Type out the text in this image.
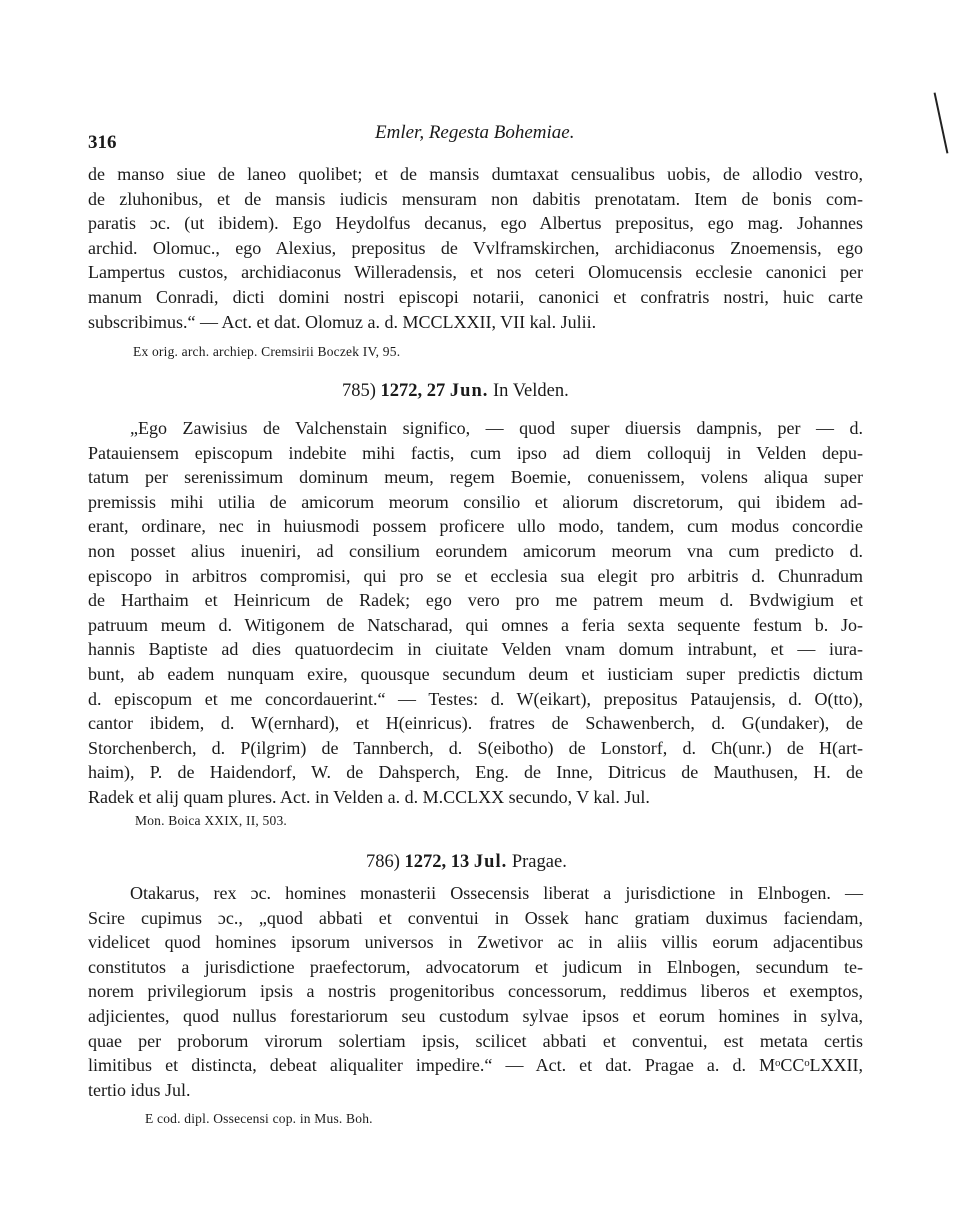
316	Emler, Regesta Bohemiae.
de manso siue de laneo quolibet; et de mansis dumtaxat censualibus uobis, de allodio vestro,
de zluhonibus, et de mansis iudicis mensuram non dabitis prenotatam. Item de bonis com-
paratis ɔc. (ut ibidem). Ego Heydolfus decanus, ego Albertus prepositus, ego mag. Johannes
archid. Olomuc., ego Alexius, prepositus de Vvlframskirchen, archidiaconus Znoemensis, ego
Lampertus custos, archidiaconus Willeradensis, et nos ceteri Olomucensis ecclesie canonici per
manum Conradi, dicti domini nostri episcopi notarii, canonici et confratris nostri, huic carte
subscribimus.“ — Act. et dat. Olomuz a. d. MCCLXXII, VII kal. Julii.
Ex orig. arch. archiep. Cremsirii Boczek IV, 95.
785) 1272, 27 Jun. In Velden.
„Ego Zawisius de Valchenstain significo, — quod super diuersis dampnis, per — d.
Patauiensem episcopum indebite mihi factis, cum ipso ad diem colloquij in Velden depu-
tatum per serenissimum dominum meum, regem Boemie, conuenissem, volens aliqua super
premissis mihi utilia de amicorum meorum consilio et aliorum discretorum, qui ibidem ad-
erant, ordinare, nec in huiusmodi possem proficere ullo modo, tandem, cum modus concordie
non posset alius inueniri, ad consilium eorundem amicorum meorum vna cum predicto d.
episcopo in arbitros compromisi, qui pro se et ecclesia sua elegit pro arbitris d. Chunradum
de Harthaim et Heinricum de Radek; ego vero pro me patrem meum d. Bvdwigium et
patruum meum d. Witigonem de Natscharad, qui omnes a feria sexta sequente festum b. Jo-
hannis Baptiste ad dies quatuordecim in ciuitate Velden vnam domum intrabunt, et — iura-
bunt, ab eadem nunquam exire, quousque secundum deum et iusticiam super predictis dictum
d. episcopum et me concordauerint.“ — Testes: d. W(eikart), prepositus Pataujensis, d. O(tto),
cantor ibidem, d. W(ernhard), et H(einricus). fratres de Schawenberch, d. G(undaker), de
Storchenberch, d. P(ilgrim) de Tannberch, d. S(eibotho) de Lonstorf, d. Ch(unr.) de H(art-
haim), P. de Haidendorf, W. de Dahsperch, Eng. de Inne, Ditricus de Mauthusen, H. de
Radek et alij quam plures. Act. in Velden a. d. M.CCLXX secundo, V kal. Jul.
Mon. Boica XXIX, II, 503.
786) 1272, 13 Jul. Pragae.
Otakarus, rex ɔc. homines monasterii Ossecensis liberat a jurisdictione in Elnbogen. —
Scire cupimus ɔc., „quod abbati et conventui in Ossek hanc gratiam duximus faciendam,
videlicet quod homines ipsorum universos in Zwetivor ac in aliis villis eorum adjacentibus
constitutos a jurisdictione praefectorum, advocatorum et judicum in Elnbogen, secundum te-
norem privilegiorum ipsis a nostris progenitoribus concessorum, reddimus liberos et exemptos,
adjicientes, quod nullus forestariorum seu custodum sylvae ipsos et eorum homines in sylva,
quae per proborum virorum solertiam ipsis, scilicet abbati et conventui, est metata certis
limitibus et distincta, debeat aliqualiter impedire.“ — Act. et dat. Pragae a. d. MᵒCCᵒLXXII,
tertio idus Jul.
E cod. dipl. Ossecensi cop. in Mus. Boh.
